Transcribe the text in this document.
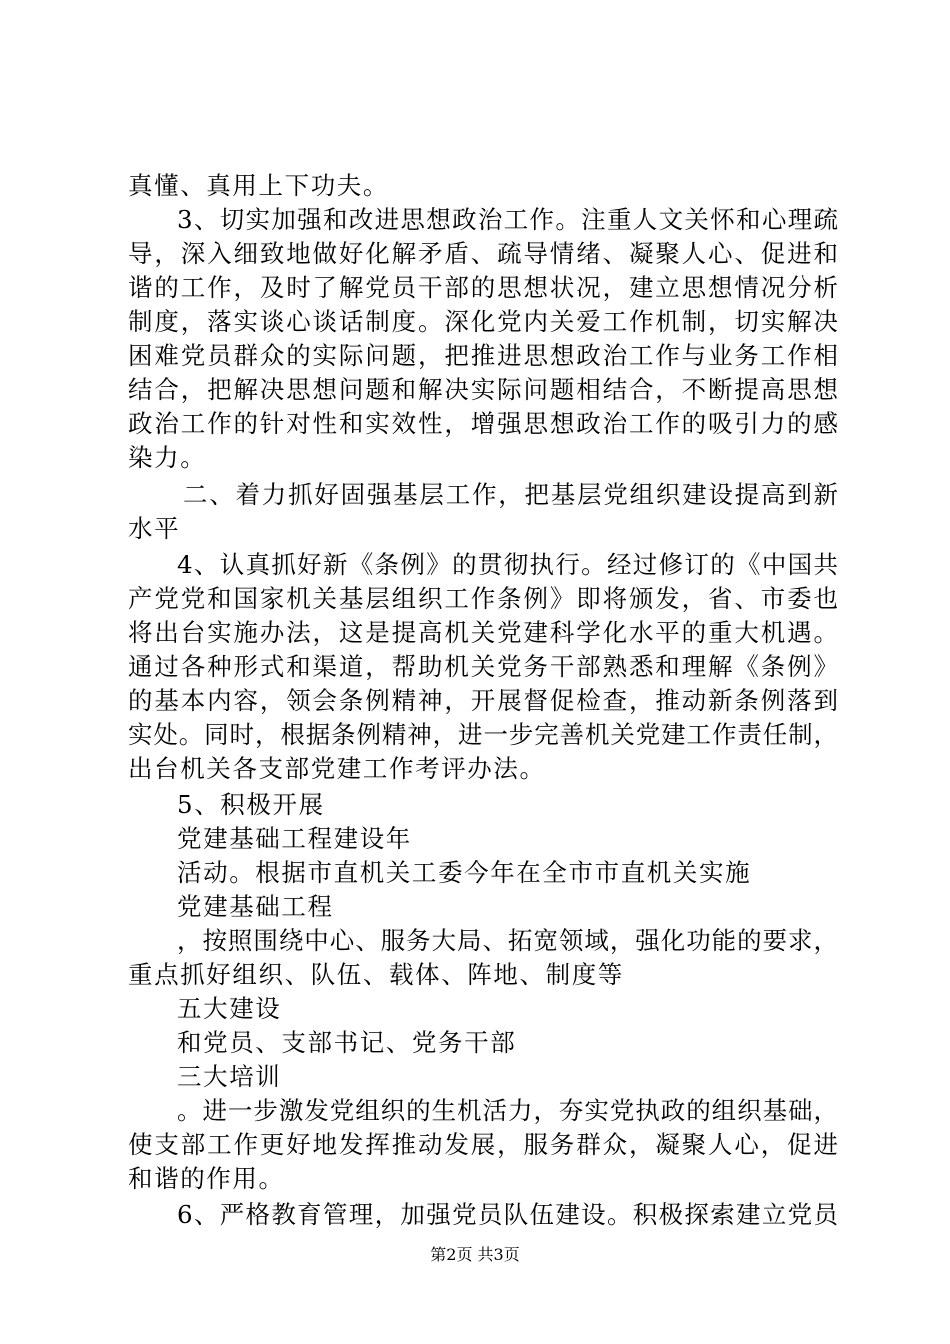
真懂、真用上下功夫。
3、切实加强和改进思想政治工作。注重人文关怀和心理疏
导，深入细致地做好化解矛盾、疏导情绪、凝聚人心、促进和
谐的工作，及时了解党员干部的思想状况，建立思想情况分析
制度，落实谈心谈话制度。深化党内关爱工作机制，切实解决
困难党员群众的实际问题，把推进思想政治工作与业务工作相
结合，把解决思想问题和解决实际问题相结合，不断提高思想
政治工作的针对性和实效性，增强思想政治工作的吸引力的感
染力。
二、着力抓好固强基层工作，把基层党组织建设提高到新
水平
4、认真抓好新《条例》的贯彻执行。经过修订的《中国共
产党党和国家机关基层组织工作条例》即将颁发，省、市委也
将出台实施办法，这是提高机关党建科学化水平的重大机遇。
通过各种形式和渠道，帮助机关党务干部熟悉和理解《条例》
的基本内容，领会条例精神，开展督促检查，推动新条例落到
实处。同时，根据条例精神，进一步完善机关党建工作责任制，
出台机关各支部党建工作考评办法。
5、积极开展
党建基础工程建设年
活动。根据市直机关工委今年在全市市直机关实施
党建基础工程
，按照围绕中心、服务大局、拓宽领域，强化功能的要求，
重点抓好组织、队伍、载体、阵地、制度等
五大建设
和党员、支部书记、党务干部
三大培训
。进一步激发党组织的生机活力，夯实党执政的组织基础，
使支部工作更好地发挥推动发展，服务群众，凝聚人心，促进
和谐的作用。
6、严格教育管理，加强党员队伍建设。积极探索建立党员
第2页 共3页
